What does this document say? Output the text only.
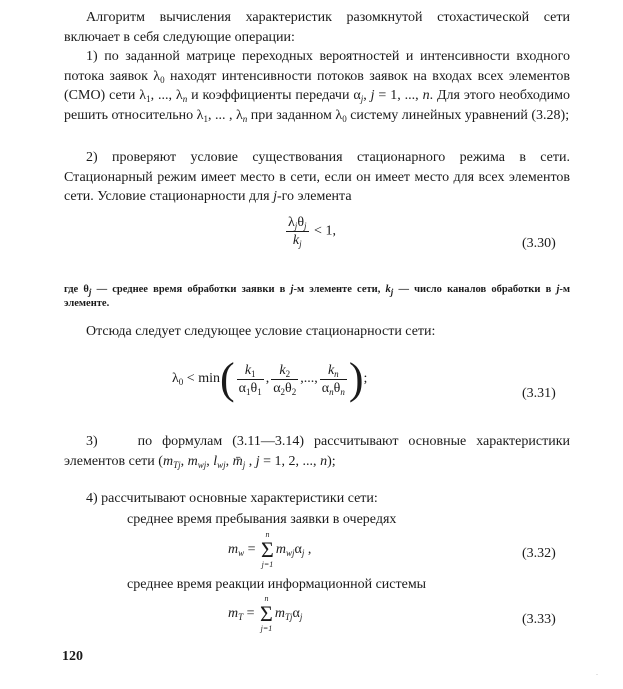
Алгоритм вычисления характеристик разомкнутой стохастической сети включает в себя следующие операции:
1) по заданной матрице переходных вероятностей и интенсивности входного потока заявок $\lambda_0$ находят интенсивности потоков заявок на входах всех элементов (СМО) сети $\lambda_1$, ..., $\lambda_n$ и коэффициенты передачи $\alpha_j$, j = 1, ..., n. Для этого необходимо решить относительно $\lambda_1$, ... , $\lambda_n$ при заданном $\lambda_0$ систему линейных уравнений (3.28);
2) проверяют условие существования стационарного режима в сети. Стационарный режим имеет место в сети, если он имеет место для всех элементов сети. Условие стационарности для j-го элемента
$\frac{\lambda_j\theta_j}{k_j} < 1$,
(3.30)
где $\theta_j$ — среднее время обработки заявки в j-м элементе сети, $k_j$ — число каналов обработки в j-м элементе.
Отсюда следует следующее условие стационарности сети:
$\lambda_0 < \min( \frac{k_1}{\alpha_1\theta_1}$ , $\frac{k_2}{\alpha_2\theta_2}$ ,..., $\frac{k_n}{\alpha_n\theta_n}$ );
(3.31)
3)    по формулам (3.11—3.14) рассчитывают основные характеристики элементов сети ($m_{Tj}$, $m_{wj}$, $l_{wj}$, $m̄_j$ , j = 1, 2, ..., n);
4) рассчитывают основные характеристики сети:
среднее время пребывания заявки в очередях
$m_w$ =
n
Σ
j=1
$m_{wj}\alpha_j$ ,	(3.32)
среднее время реакции информационной системы
$m_T$ =
n
Σ
j=1
$m_{Tj}\alpha_j$	(3.33)
120
.
